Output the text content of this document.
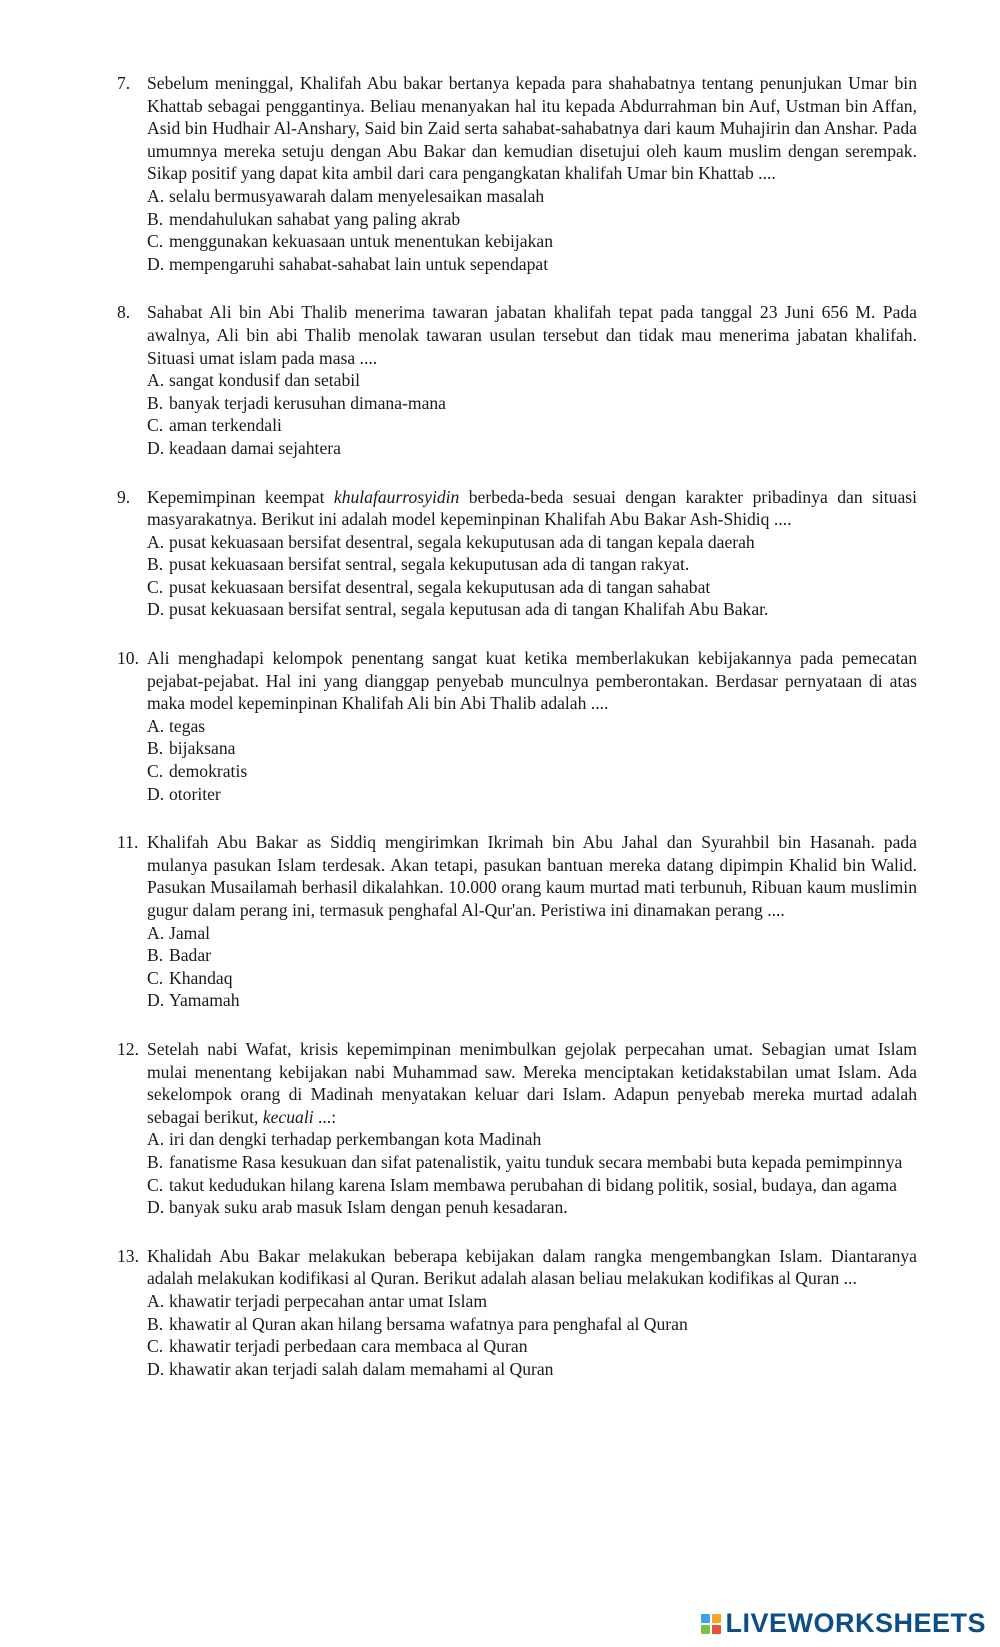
7. Sebelum meninggal, Khalifah Abu bakar bertanya kepada para shahabatnya tentang penunjukan Umar bin Khattab sebagai penggantinya. Beliau menanyakan hal itu kepada Abdurrahman bin Auf, Ustman bin Affan, Asid bin Hudhair Al-Anshary, Said bin Zaid serta sahabat-sahabatnya dari kaum Muhajirin dan Anshar. Pada umumnya mereka setuju dengan Abu Bakar dan kemudian disetujui oleh kaum muslim dengan serempak. Sikap positif yang dapat kita ambil dari cara pengangkatan khalifah Umar bin Khattab ....
A. selalu bermusyawarah dalam menyelesaikan masalah
B. mendahulukan sahabat yang paling akrab
C. menggunakan kekuasaan untuk menentukan kebijakan
D. mempengaruhi sahabat-sahabat lain untuk sependapat
8. Sahabat Ali bin Abi Thalib menerima tawaran jabatan khalifah tepat pada tanggal 23 Juni 656 M. Pada awalnya, Ali bin abi Thalib menolak tawaran usulan tersebut dan tidak mau menerima jabatan khalifah. Situasi umat islam pada masa ....
A. sangat kondusif dan setabil
B. banyak terjadi kerusuhan dimana-mana
C. aman terkendali
D. keadaan damai sejahtera
9. Kepemimpinan keempat khulafaurrosyidin berbeda-beda sesuai dengan karakter pribadinya dan situasi masyarakatnya. Berikut ini adalah model kepeminpinan Khalifah Abu Bakar Ash-Shidiq ....
A. pusat kekuasaan bersifat desentral, segala kekuputusan ada di tangan kepala daerah
B. pusat kekuasaan bersifat sentral, segala kekuputusan ada di tangan rakyat.
C. pusat kekuasaan bersifat desentral, segala kekuputusan ada di tangan sahabat
D. pusat kekuasaan bersifat sentral, segala keputusan ada di tangan Khalifah Abu Bakar.
10. Ali menghadapi kelompok penentang sangat kuat ketika memberlakukan kebijakannya pada pemecatan pejabat-pejabat. Hal ini yang dianggap penyebab munculnya pemberontakan. Berdasar pernyataan di atas maka model kepeminpinan Khalifah Ali bin Abi Thalib adalah ....
A. tegas
B. bijaksana
C. demokratis
D. otoriter
11. Khalifah Abu Bakar as Siddiq mengirimkan Ikrimah bin Abu Jahal dan Syurahbil bin Hasanah. pada mulanya pasukan Islam terdesak. Akan tetapi, pasukan bantuan mereka datang dipimpin Khalid bin Walid. Pasukan Musailamah berhasil dikalahkan. 10.000 orang kaum murtad mati terbunuh, Ribuan kaum muslimin gugur dalam perang ini, termasuk penghafal Al-Qur'an. Peristiwa ini dinamakan perang ....
A. Jamal
B. Badar
C. Khandaq
D. Yamamah
12. Setelah nabi Wafat, krisis kepemimpinan menimbulkan gejolak perpecahan umat. Sebagian umat Islam mulai menentang kebijakan nabi Muhammad saw. Mereka menciptakan ketidakstabilan umat Islam. Ada sekelompok orang di Madinah menyatakan keluar dari Islam. Adapun penyebab mereka murtad adalah sebagai berikut, kecuali ...:
A. iri dan dengki terhadap perkembangan kota Madinah
B. fanatisme Rasa kesukuan dan sifat patenalistik, yaitu tunduk secara membabi buta kepada pemimpinnya
C. takut kedudukan hilang karena Islam membawa perubahan di bidang politik, sosial, budaya, dan agama
D. banyak suku arab masuk Islam dengan penuh kesadaran.
13. Khalidah Abu Bakar melakukan beberapa kebijakan dalam rangka mengembangkan Islam. Diantaranya adalah melakukan kodifikasi al Quran. Berikut adalah alasan beliau melakukan kodifikas al Quran ...
A. khawatir terjadi perpecahan antar umat Islam
B. khawatir al Quran akan hilang bersama wafatnya para penghafal al Quran
C. khawatir terjadi perbedaan cara membaca al Quran
D. khawatir akan terjadi salah dalam memahami al Quran
LIVEWORKSHEETS
